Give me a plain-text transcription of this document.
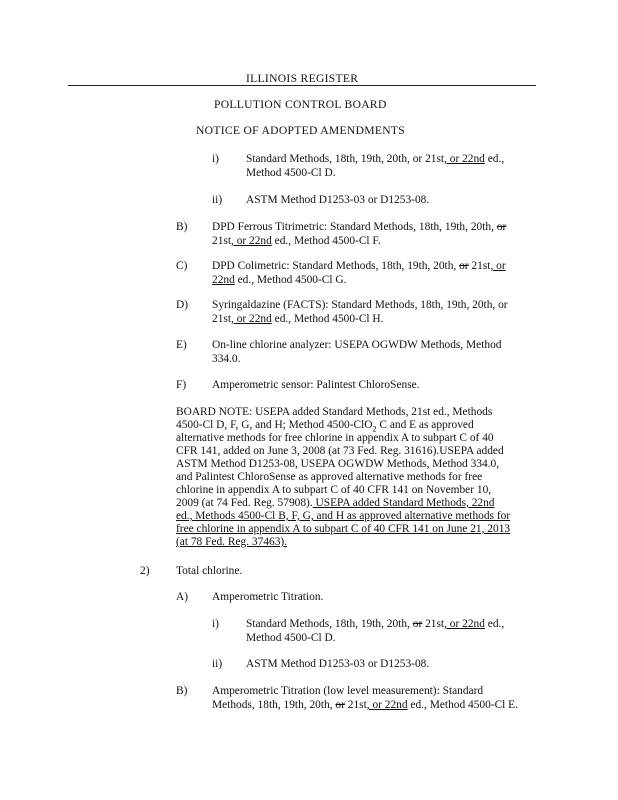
ILLINOIS REGISTER
POLLUTION CONTROL BOARD
NOTICE OF ADOPTED AMENDMENTS
i) Standard Methods, 18th, 19th, 20th, or 21st, or 22nd ed.,
Method 4500-Cl D.
ii) ASTM Method D1253-03 or D1253-08.
B) DPD Ferrous Titrimetric: Standard Methods, 18th, 19th, 20th, or
21st, or 22nd ed., Method 4500-Cl F.
C) DPD Colimetric: Standard Methods, 18th, 19th, 20th, or 21st, or
22nd ed., Method 4500-Cl G.
D) Syringaldazine (FACTS): Standard Methods, 18th, 19th, 20th, or
21st, or 22nd ed., Method 4500-Cl H.
E) On-line chlorine analyzer: USEPA OGWDW Methods, Method
334.0.
F) Amperometric sensor: Palintest ChloroSense.
BOARD NOTE: USEPA added Standard Methods, 21st ed., Methods
4500-Cl D, F, G, and H; Method 4500-ClO$_2$ C and E as approved
alternative methods for free chlorine in appendix A to subpart C of 40
CFR 141, added on June 3, 2008 (at 73 Fed. Reg. 31616).USEPA added
ASTM Method D1253-08, USEPA OGWDW Methods, Method 334.0,
and Palintest ChloroSense as approved alternative methods for free
chlorine in appendix A to subpart C of 40 CFR 141 on November 10,
2009 (at 74 Fed. Reg. 57908). USEPA added Standard Methods, 22nd
ed., Methods 4500-Cl B, F, G, and H as approved alternative methods for
free chlorine in appendix A to subpart C of 40 CFR 141 on June 21, 2013
(at 78 Fed. Reg. 37463).
2) Total chlorine.
A) Amperometric Titration.
i) Standard Methods, 18th, 19th, 20th, or 21st, or 22nd ed.,
Method 4500-Cl D.
ii) ASTM Method D1253-03 or D1253-08.
B) Amperometric Titration (low level measurement): Standard
Methods, 18th, 19th, 20th, or 21st, or 22nd ed., Method 4500-Cl E.
